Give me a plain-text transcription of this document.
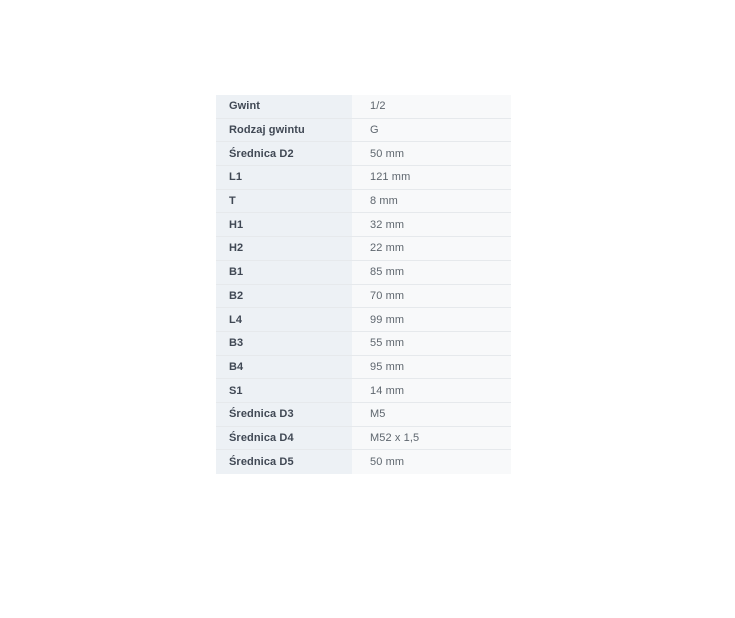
Gwint	1/2
Rodzaj gwintu	G
Średnica D2	50 mm
L1	121 mm
T	8 mm
H1	32 mm
H2	22 mm
B1	85 mm
B2	70 mm
L4	99 mm
B3	55 mm
B4	95 mm
S1	14 mm
Średnica D3	M5
Średnica D4	M52 x 1,5
Średnica D5	50 mm
